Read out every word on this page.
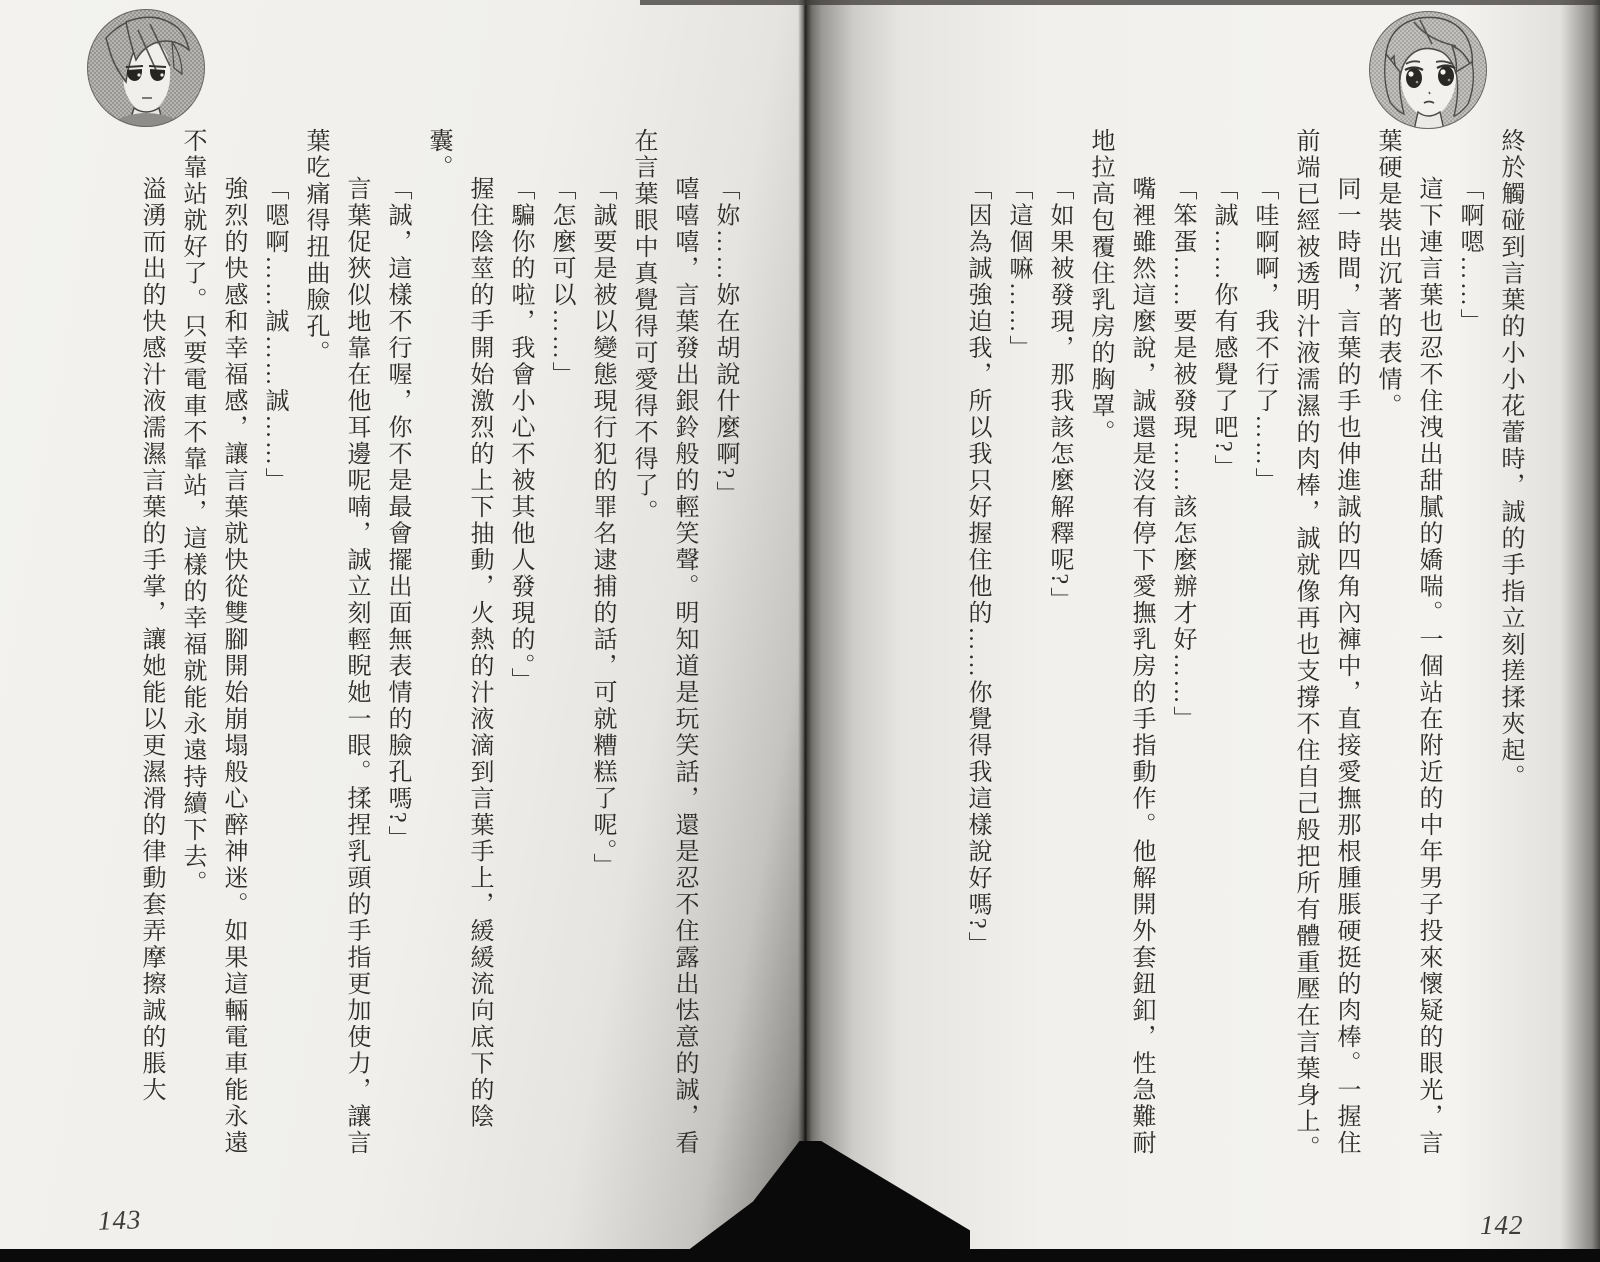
終於觸碰到言葉的小小花蕾時，誠的手指立刻搓揉夾起。

「啊嗯……」

這下連言葉也忍不住洩出甜膩的嬌喘。一個站在附近的中年男子投來懷疑的眼光，言葉硬是裝出沉著的表情。

同一時間，言葉的手也伸進誠的四角內褲中，直接愛撫那根腫脹硬挺的肉棒。一握住前端已經被透明汁液濡濕的肉棒，誠就像再也支撐不住自己般把所有體重壓在言葉身上。

「哇啊啊，我不行了……」

「誠……你有感覺了吧?」

「笨蛋……要是被發現……該怎麼辦才好……」

嘴裡雖然這麼說，誠還是沒有停下愛撫乳房的手指動作。他解開外套鈕釦，性急難耐地拉高包覆住乳房的胸罩。

「如果被發現，那我該怎麼解釋呢?」

「這個嘛……」

「因為誠強迫我，所以我只好握住他的……你覺得我這樣說好嗎?」

「妳……妳在胡說什麼啊?」

嘻嘻嘻，言葉發出銀鈴般的輕笑聲。明知道是玩笑話，還是忍不住露出怯意的誠，看在言葉眼中真覺得可愛得不得了。

「誠要是被以變態現行犯的罪名逮捕的話，可就糟糕了呢。」

「怎麼可以……」

「騙你的啦，我會小心不被其他人發現的。」

握住陰莖的手開始激烈的上下抽動，火熱的汁液滴到言葉手上，緩緩流向底下的陰囊。

「誠，這樣不行喔，你不是最會擺出面無表情的臉孔嗎?」

言葉促狹似地靠在他耳邊呢喃，誠立刻輕睨她一眼。揉捏乳頭的手指更加使力，讓言葉吃痛得扭曲臉孔。

「嗯啊……誠……誠……」

強烈的快感和幸福感，讓言葉就快從雙腳開始崩塌般心醉神迷。如果這輛電車能永遠不靠站就好了。只要電車不靠站，這樣的幸福就能永遠持續下去。

溢湧而出的快感汁液濡濕言葉的手掌，讓她能以更濕滑的律動套弄摩擦誠的脹大

143	142
